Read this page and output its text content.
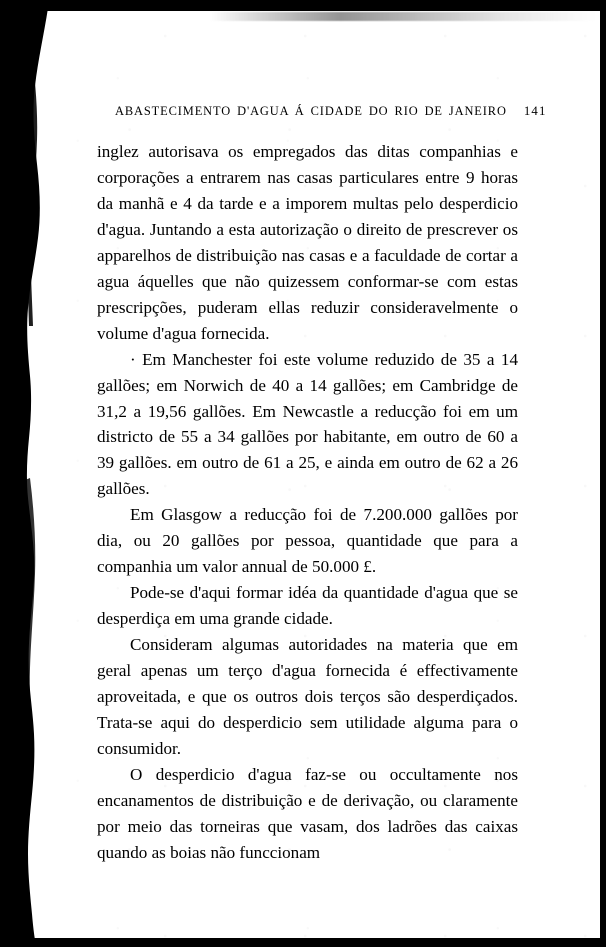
ABASTECIMENTO D'AGUA Á CIDADE DO RIO DE JANEIRO 141

inglez autorisava os empregados das ditas companhias e corporações a entrarem nas casas particulares entre 9 horas da manhã e 4 da tarde e a imporem multas pelo desperdicio d'agua. Juntando a esta autorização o direito de prescrever os apparelhos de distribuição nas casas e a faculdade de cortar a agua áquelles que não quizessem conformar-se com estas prescripções, puderam ellas reduzir consideravelmente o volume d'agua fornecida.

· Em Manchester foi este volume reduzido de 35 a 14 gallões; em Norwich de 40 a 14 gallões; em Cambridge de 31,2 a 19,56 gallões. Em Newcastle a reducção foi em um districto de 55 a 34 gallões por habitante, em outro de 60 a 39 gallões. em outro de 61 a 25, e ainda em outro de 62 a 26 gallões.

Em Glasgow a reducção foi de 7.200.000 gallões por dia, ou 20 gallões por pessoa, quantidade que para a companhia um valor annual de 50.000 £.

Pode-se d'aqui formar idéa da quantidade d'agua que se desperdiça em uma grande cidade.

Consideram algumas autoridades na materia que em geral apenas um terço d'agua fornecida é effectivamente aproveitada, e que os outros dois terços são desperdiçados. Trata-se aqui do desperdicio sem utilidade alguma para o consumidor.

O desperdicio d'agua faz-se ou occultamente nos encanamentos de distribuição e de derivação, ou claramente por meio das torneiras que vasam, dos ladrões das caixas quando as boias não funccionam
